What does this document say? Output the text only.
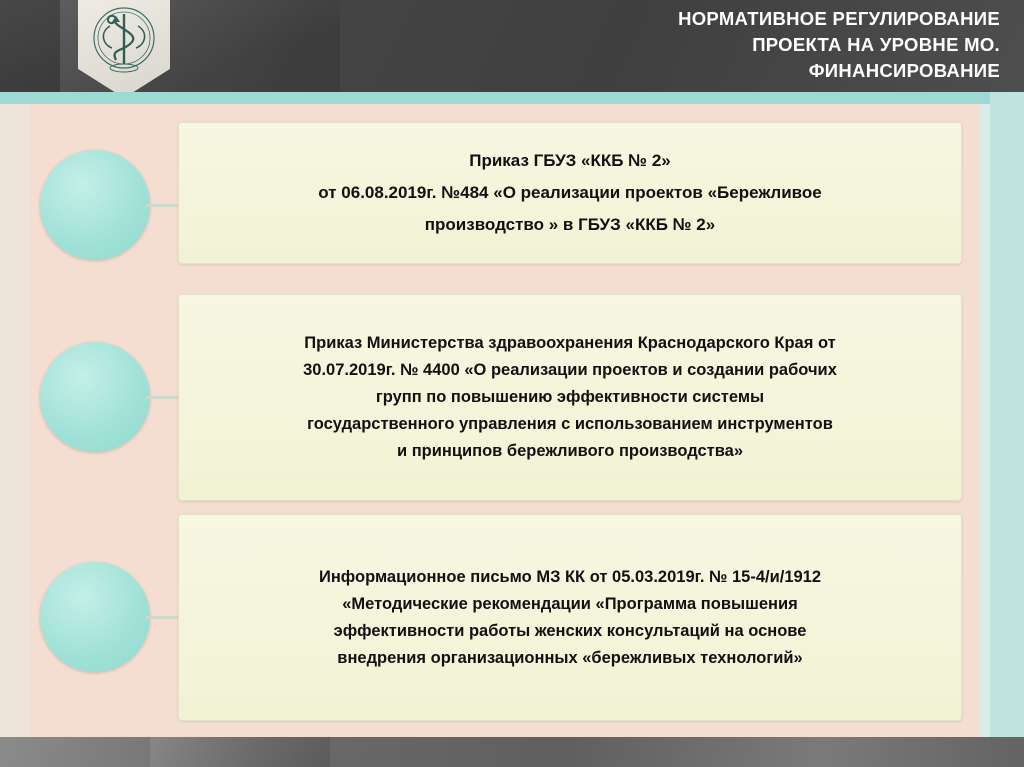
НОРМАТИВНОЕ РЕГУЛИРОВАНИЕ
ПРОЕКТА НА УРОВНЕ МО.
ФИНАНСИРОВАНИЕ
Приказ ГБУЗ «ККБ № 2»
от 06.08.2019г. №484 «О реализации проектов «Бережливое
производство » в ГБУЗ «ККБ № 2»
Приказ Министерства здравоохранения Краснодарского Края от
30.07.2019г. № 4400 «О реализации проектов и создании рабочих
групп по повышению эффективности системы
государственного управления с использованием инструментов
и принципов бережливого производства»
Информационное письмо МЗ КК от 05.03.2019г. № 15-4/и/1912
«Методические рекомендации «Программа повышения
эффективности работы женских консультаций на основе
внедрения организационных «бережливых технологий»
